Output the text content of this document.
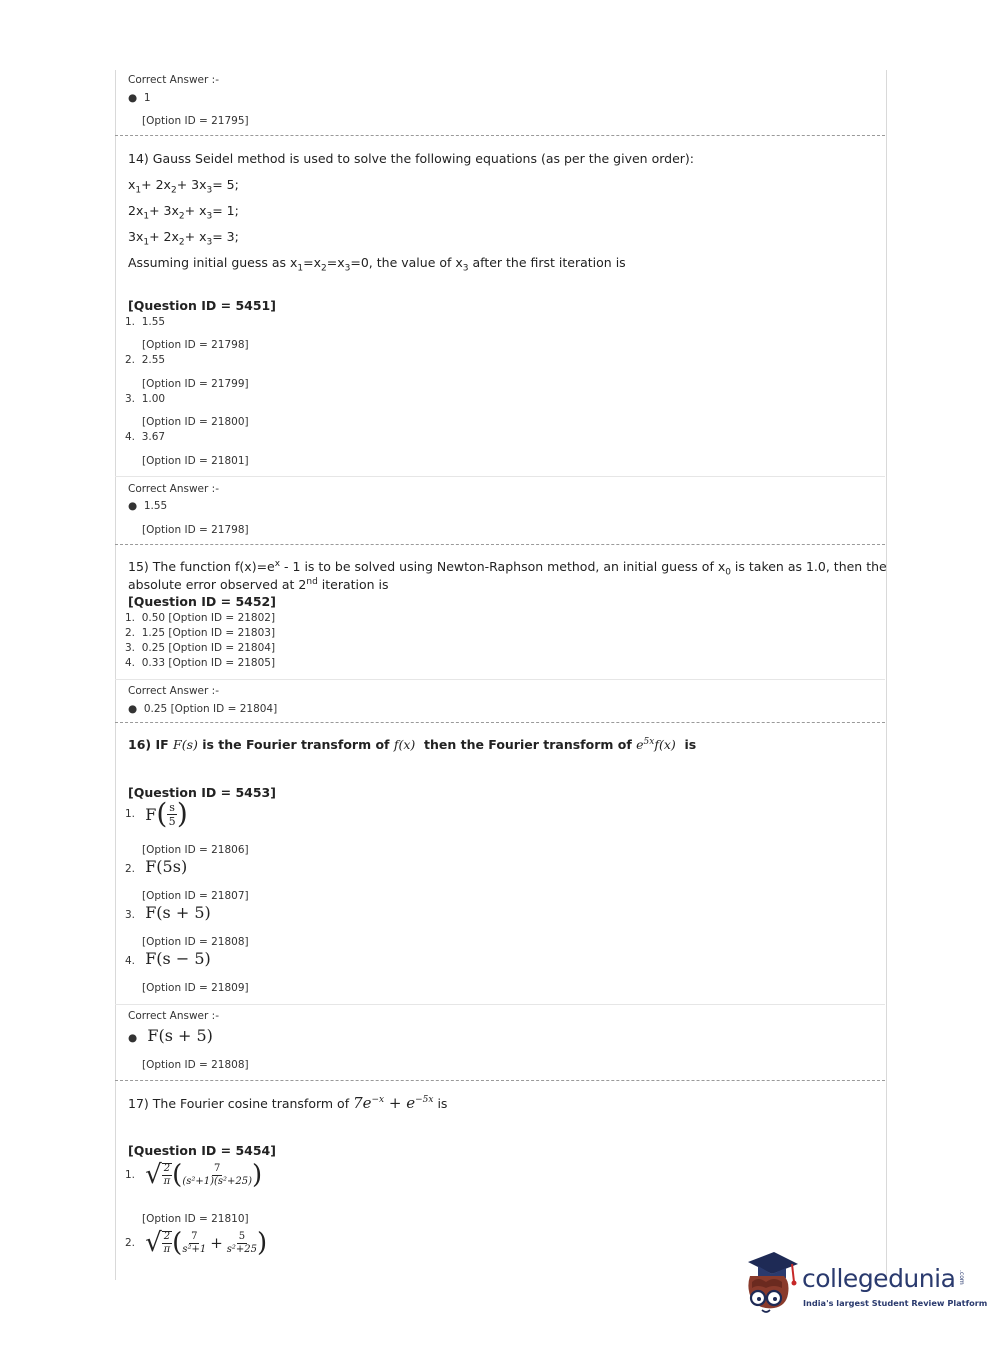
Correct Answer :-
● 1
[Option ID = 21795]
14) Gauss Seidel method is used to solve the following equations (as per the given order):
$x_1+ 2x_2+ 3x_3= 5$;
$2x_1+ 3x_2+ x_3= 1$;
$3x_1+ 2x_2+ x_3= 3$;
Assuming initial guess as $x_1=x_2=x_3=0$, the value of $x_3$ after the first iteration is
[Question ID = 5451]
1. 1.55
[Option ID = 21798]
2. 2.55
[Option ID = 21799]
3. 1.00
[Option ID = 21800]
4. 3.67
[Option ID = 21801]
Correct Answer :-
● 1.55
[Option ID = 21798]
15) The function $f(x)=e^x - 1$ is to be solved using Newton-Raphson method, an initial guess of $x_0$ is taken as 1.0, then the
absolute error observed at 2nd iteration is
[Question ID = 5452]
1. 0.50 [Option ID = 21802]
2. 1.25 [Option ID = 21803]
3. 0.25 [Option ID = 21804]
4. 0.33 [Option ID = 21805]
Correct Answer :-
● 0.25 [Option ID = 21804]
16) IF F(s) is the Fourier transform of f(x) then the Fourier transform of $e^{5x}f(x)$ is
[Question ID = 5453]
1.
F ( $\frac{s}{5}$ )
[Option ID = 21806]
2. F(5s)
[Option ID = 21807]
3. F(s + 5)
[Option ID = 21808]
4. F(s − 5)
[Option ID = 21809]
Correct Answer :-
● F(s + 5)
[Option ID = 21808]
17) The Fourier cosine transform of $7e^{-x} + e^{-5x}$ is
[Question ID = 5454]
1.
√ $\frac{2}{\pi}$ ( $\frac{7}{\text{(s²+1)(s²+25)}}$ )
[Option ID = 21810]
2.
√ $\frac{2}{\pi}$ ( $\frac{7}{\text{s²+1}} + \frac{5}{\text{s²+25}}$ )
collegedunia .com
India's largest Student Review Platform
